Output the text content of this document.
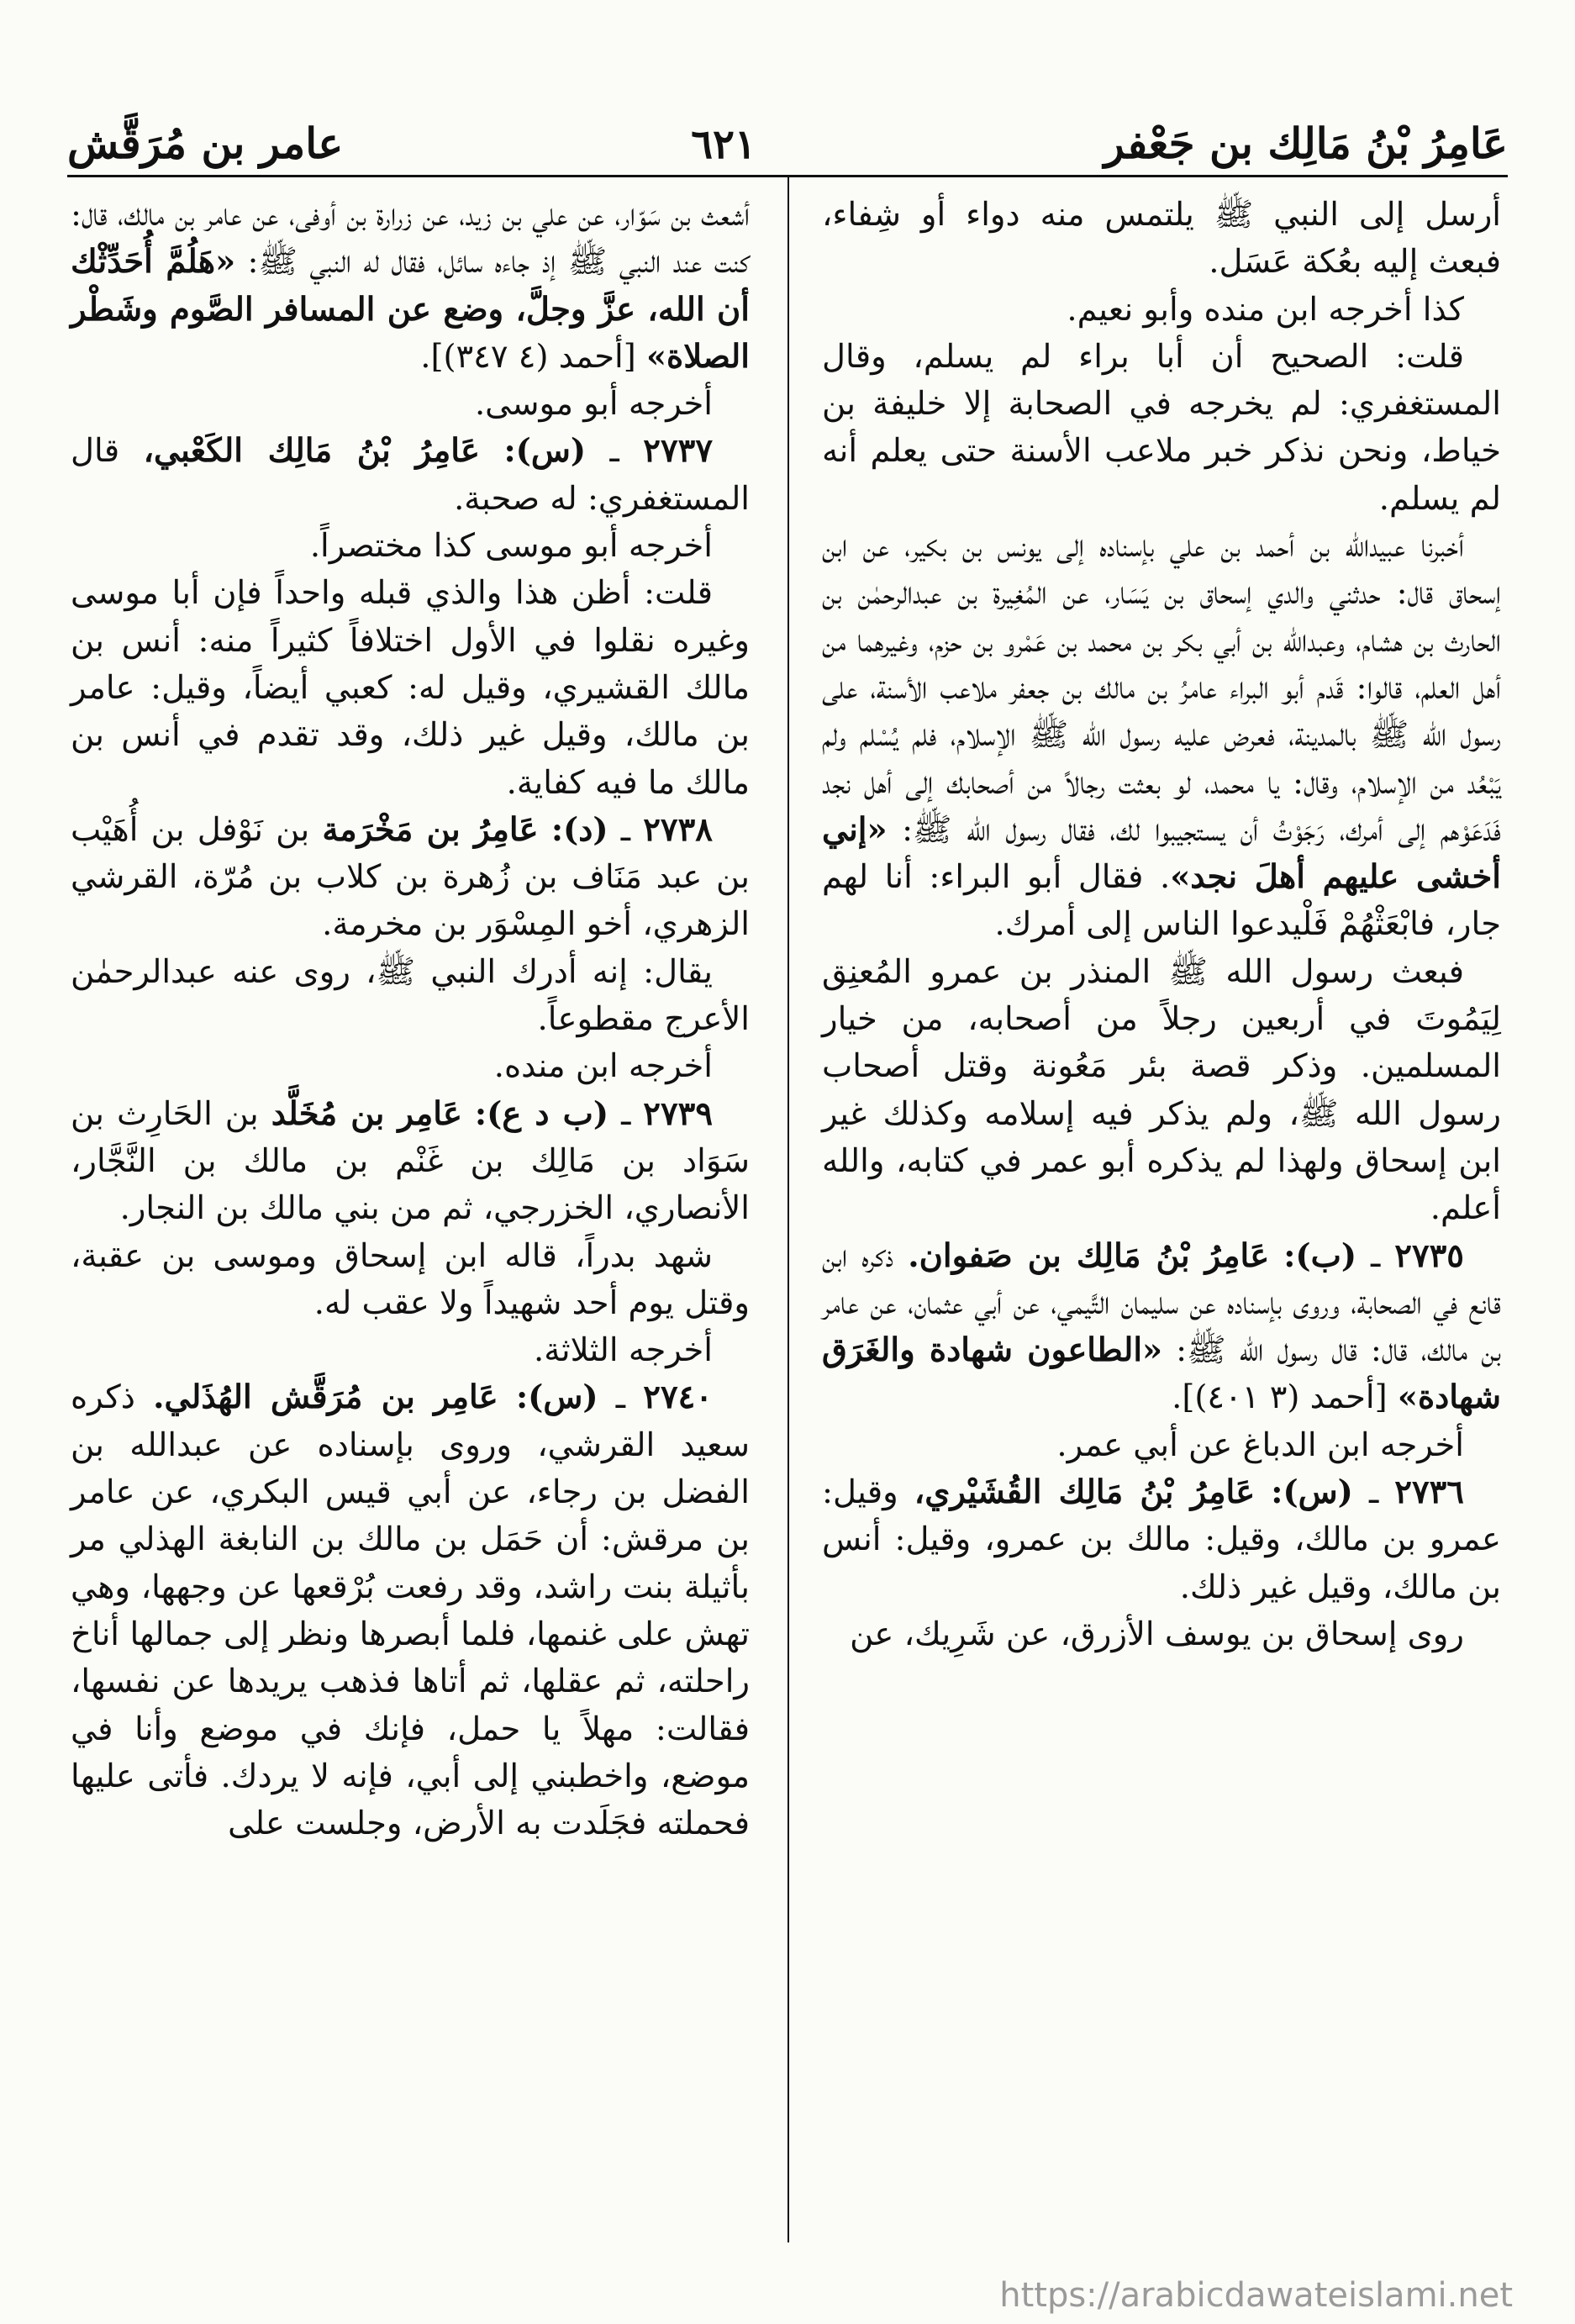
عَامِرُ بْنُ مَالِك بن جَعْفر
٦٢١
عامر بن مُرَقَّش

أرسل إلى النبي ﷺ يلتمس منه دواء أو شِفاء، فبعث إليه بعُكة عَسَل.

كذا أخرجه ابن منده وأبو نعيم.

قلت: الصحيح أن أبا براء لم يسلم، وقال المستغفري: لم يخرجه في الصحابة إلا خليفة بن خياط، ونحن نذكر خبر ملاعب الأسنة حتى يعلم أنه لم يسلم.

أخبرنا عبيدالله بن أحمد بن علي بإسناده إلى يونس بن بكير، عن ابن إسحاق قال: حدثني والدي إسحاق بن يَسَار، عن المُغِيرة بن عبدالرحمٰن بن الحارث بن هشام، وعبدالله بن أبي بكر بن محمد بن عَمْرو بن حزم، وغيرهما من أهل العلم، قالوا: قَدم أبو البراء عامرُ بن مالك بن جعفر ملاعب الأسنة، على رسول الله ﷺ بالمدينة، فعرض عليه رسول الله ﷺ الإسلام، فلم يُسْلم ولم يَبْعُد من الإسلام، وقال: يا محمد، لو بعثت رجالاً من أصحابك إلى أهل نجد فَدَعَوْهم إلى أمرك، رَجَوْتُ أن يستجيبوا لك، فقال رسول الله ﷺ: «إني أخشى عليهم أهلَ نجد». فقال أبو البراء: أنا لهم جار، فابْعَثْهُمْ فَلْيدعوا الناس إلى أمرك.

فبعث رسول الله ﷺ المنذر بن عمرو المُعنِق لِيَمُوتَ في أربعين رجلاً من أصحابه، من خيار المسلمين. وذكر قصة بئر مَعُونة وقتل أصحاب رسول الله ﷺ، ولم يذكر فيه إسلامه وكذلك غير ابن إسحاق ولهذا لم يذكره أبو عمر في كتابه، والله أعلم.

٢٧٣٥ ـ (ب): عَامِرُ بْنُ مَالِك بن صَفوان. ذكره ابن قانع في الصحابة، وروى بإسناده عن سليمان التَّيمي، عن أبي عثمان، عن عامر بن مالك، قال: قال رسول الله ﷺ: «الطاعون شهادة والغَرَق شهادة» [أحمد (٣ ٤٠١)].

أخرجه ابن الدباغ عن أبي عمر.

٢٧٣٦ ـ (س): عَامِرُ بْنُ مَالِك القُشَيْري، وقيل: عمرو بن مالك، وقيل: مالك بن عمرو، وقيل: أنس بن مالك، وقيل غير ذلك.

روى إسحاق بن يوسف الأزرق، عن شَرِيك، عن

أشعث بن سَوّار، عن علي بن زيد، عن زرارة بن أوفى، عن عامر بن مالك، قال: كنت عند النبي ﷺ إذ جاءه سائل، فقال له النبي ﷺ: «هَلُمَّ أُحَدِّثْك أن الله، عزَّ وجلَّ، وضع عن المسافر الصَّوم وشَطْر الصلاة» [أحمد (٤ ٣٤٧)].

أخرجه أبو موسى.

٢٧٣٧ ـ (س): عَامِرُ بْنُ مَالِك الكَعْبي، قال المستغفري: له صحبة.

أخرجه أبو موسى كذا مختصراً.

قلت: أظن هذا والذي قبله واحداً فإن أبا موسى وغيره نقلوا في الأول اختلافاً كثيراً منه: أنس بن مالك القشيري، وقيل له: كعبي أيضاً، وقيل: عامر بن مالك، وقيل غير ذلك، وقد تقدم في أنس بن مالك ما فيه كفاية.

٢٧٣٨ ـ (د): عَامِرُ بن مَخْرَمة بن نَوْفل بن أُهَيْب بن عبد مَنَاف بن زُهرة بن كلاب بن مُرّة، القرشي الزهري، أخو المِسْوَر بن مخرمة.

يقال: إنه أدرك النبي ﷺ، روى عنه عبدالرحمٰن الأعرج مقطوعاً.

أخرجه ابن منده.

٢٧٣٩ ـ (ب د ع): عَامِر بن مُخَلَّد بن الحَارِث بن سَوَاد بن مَالِك بن غَنْم بن مالك بن النَّجَّار، الأنصاري، الخزرجي، ثم من بني مالك بن النجار.

شهد بدراً، قاله ابن إسحاق وموسى بن عقبة، وقتل يوم أحد شهيداً ولا عقب له.

أخرجه الثلاثة.

٢٧٤٠ ـ (س): عَامِر بن مُرَقَّش الهُذَلي. ذكره سعيد القرشي، وروى بإسناده عن عبدالله بن الفضل بن رجاء، عن أبي قيس البكري، عن عامر بن مرقش: أن حَمَل بن مالك بن النابغة الهذلي مر بأثيلة بنت راشد، وقد رفعت بُرْقعها عن وجهها، وهي تهش على غنمها، فلما أبصرها ونظر إلى جمالها أناخ راحلته، ثم عقلها، ثم أتاها فذهب يريدها عن نفسها، فقالت: مهلاً يا حمل، فإنك في موضع وأنا في موضع، واخطبني إلى أبي، فإنه لا يردك. فأتى عليها فحملته فجَلَدت به الأرض، وجلست على

https://arabicdawateislami.net
